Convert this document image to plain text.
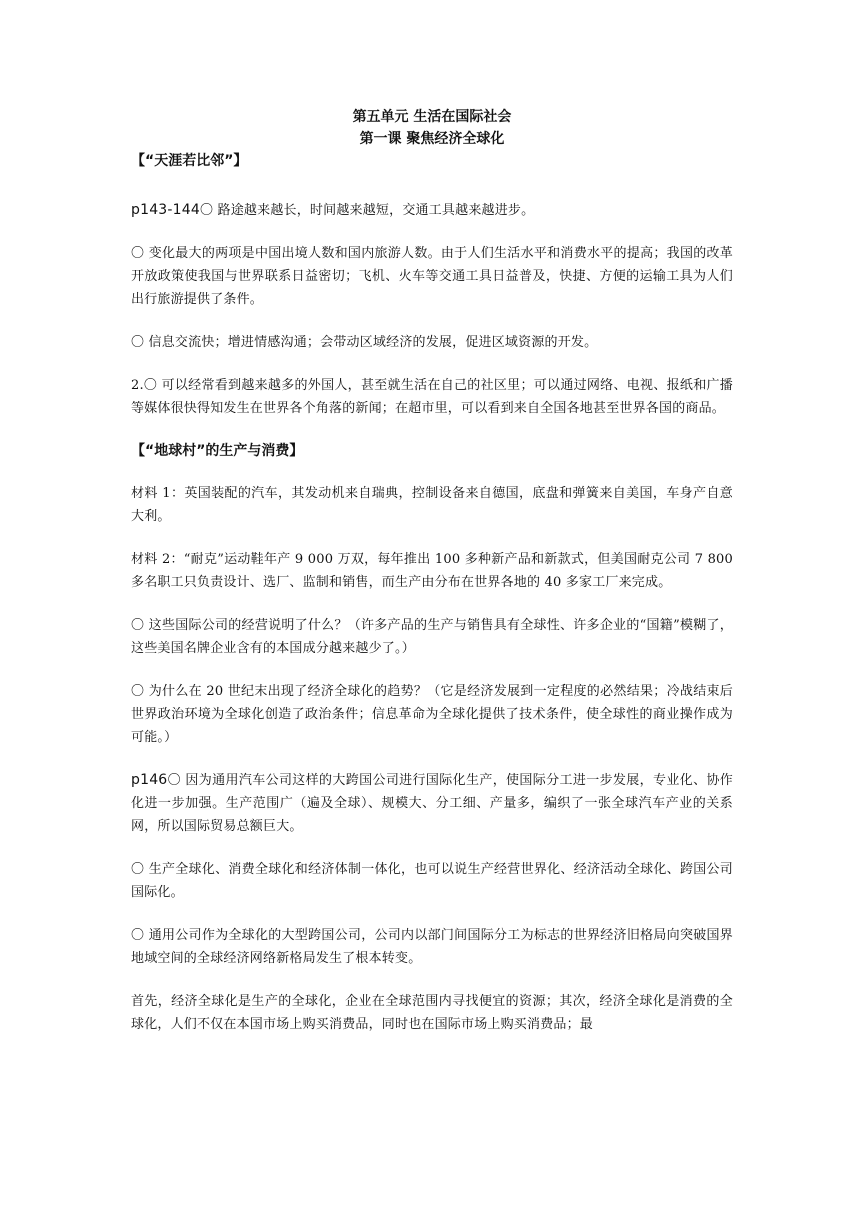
第五单元 生活在国际社会

第一课 聚焦经济全球化

【“天涯若比邻”】

p143-144〇 路途越来越长，时间越来越短，交通工具越来越进步。

〇 变化最大的两项是中国出境人数和国内旅游人数。由于人们生活水平和消费水平的提高；我国的改革开放政策使我国与世界联系日益密切；飞机、火车等交通工具日益普及，快捷、方便的运输工具为人们出行旅游提供了条件。

〇 信息交流快；增进情感沟通；会带动区域经济的发展，促进区域资源的开发。

2.〇 可以经常看到越来越多的外国人，甚至就生活在自己的社区里；可以通过网络、电视、报纸和广播等媒体很快得知发生在世界各个角落的新闻；在超市里，可以看到来自全国各地甚至世界各国的商品。

【“地球村”的生产与消费】

材料 1：英国装配的汽车，其发动机来自瑞典，控制设备来自德国，底盘和弹簧来自美国，车身产自意大利。

材料 2：“耐克”运动鞋年产 9 000 万双，每年推出 100 多种新产品和新款式，但美国耐克公司 7 800 多名职工只负责设计、选厂、监制和销售，而生产由分布在世界各地的 40 多家工厂来完成。

〇 这些国际公司的经营说明了什么？（许多产品的生产与销售具有全球性、许多企业的“国籍”模糊了，这些美国名牌企业含有的本国成分越来越少了。）

〇 为什么在 20 世纪末出现了经济全球化的趋势？（它是经济发展到一定程度的必然结果；冷战结束后世界政治环境为全球化创造了政治条件；信息革命为全球化提供了技术条件，使全球性的商业操作成为可能。）

p146〇 因为通用汽车公司这样的大跨国公司进行国际化生产，使国际分工进一步发展，专业化、协作化进一步加强。生产范围广（遍及全球）、规模大、分工细、产量多，编织了一张全球汽车产业的关系网，所以国际贸易总额巨大。

〇 生产全球化、消费全球化和经济体制一体化，也可以说生产经营世界化、经济活动全球化、跨国公司国际化。

〇 通用公司作为全球化的大型跨国公司，公司内以部门间国际分工为标志的世界经济旧格局向突破国界地域空间的全球经济网络新格局发生了根本转变。

首先，经济全球化是生产的全球化，企业在全球范围内寻找便宜的资源；其次，经济全球化是消费的全球化，人们不仅在本国市场上购买消费品，同时也在国际市场上购买消费品；最
